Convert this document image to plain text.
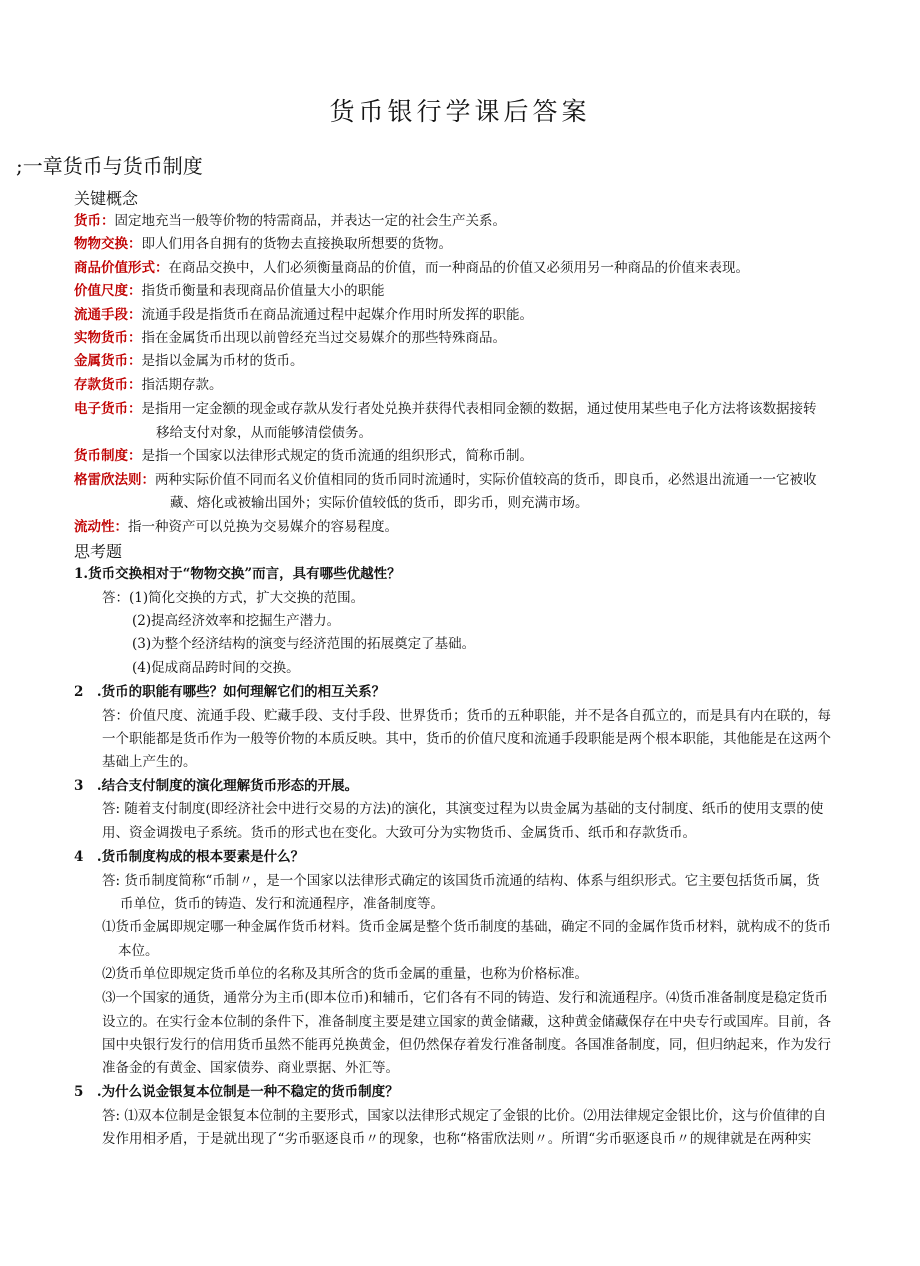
货币银行学课后答案
;一章货币与货币制度
关键概念
货币：固定地充当一般等价物的特需商品，并表达一定的社会生产关系。
物物交换：即人们用各自拥有的货物去直接换取所想要的货物。
商品价值形式：在商品交换中，人们必须衡量商品的价值，而一种商品的价值又必须用另一种商品的价值来表现。
价值尺度：指货币衡量和表现商品价值量大小的职能
流通手段：流通手段是指货币在商品流通过程中起媒介作用时所发挥的职能。
实物货币：指在金属货币出现以前曾经充当过交易媒介的那些特殊商品。
金属货币：是指以金属为币材的货币。
存款货币：指活期存款。
电子货币：是指用一定金额的现金或存款从发行者处兑换并获得代表相同金额的数据，通过使用某些电子化方法将该数据接转
移给支付对象，从而能够清偿债务。
货币制度：是指一个国家以法律形式规定的货币流通的组织形式，简称币制。
格雷欣法则：两种实际价值不同而名义价值相同的货币同时流通时，实际价值较高的货币，即良币，必然退出流通一一它被收
藏、熔化或被输出国外；实际价值较低的货币，即劣币，则充满市场。
流动性：指一种资产可以兑换为交易媒介的容易程度。
思考题
1.货币交换相对于“物物交换”而言，具有哪些优越性？
答：(1)简化交换的方式，扩大交换的范围。
(2)提高经济效率和挖掘生产潜力。
(3)为整个经济结构的演变与经济范围的拓展奠定了基础。
(4)促成商品跨时间的交换。
2　.货币的职能有哪些？如何理解它们的相互关系？
答：价值尺度、流通手段、贮藏手段、支付手段、世界货币；货币的五种职能，并不是各自孤立的，而是具有内在联的，每
一个职能都是货币作为一般等价物的本质反映。其中，货币的价值尺度和流通手段职能是两个根本职能，其他能是在这两个
基础上产生的。
3　.结合支付制度的演化理解货币形态的开展。
答: 随着支付制度(即经济社会中进行交易的方法)的演化，其演变过程为以贵金属为基础的支付制度、纸币的使用支票的使
用、资金调拨电子系统。货币的形式也在变化。大致可分为实物货币、金属货币、纸币和存款货币。
4　.货币制度构成的根本要素是什么？
答: 货币制度简称“币制〃，是一个国家以法律形式确定的该国货币流通的结构、体系与组织形式。它主要包括货币属，货
币单位，货币的铸造、发行和流通程序，准备制度等。
⑴货币金属即规定哪一种金属作货币材料。货币金属是整个货币制度的基础，确定不同的金属作货币材料，就构成不的货币
本位。
⑵货币单位即规定货币单位的名称及其所含的货币金属的重量，也称为价格标准。
⑶一个国家的通货，通常分为主币(即本位币)和辅币，它们各有不同的铸造、发行和流通程序。⑷货币准备制度是稳定货币
设立的。在实行金本位制的条件下，准备制度主要是建立国家的黄金储藏，这种黄金储藏保存在中央专行或国库。目前，各
国中央银行发行的信用货币虽然不能再兑换黄金，但仍然保存着发行准备制度。各国准备制度，同，但归纳起来，作为发行
准备金的有黄金、国家债券、商业票据、外汇等。
5　.为什么说金银复本位制是一种不稳定的货币制度？
答: ⑴双本位制是金银复本位制的主要形式，国家以法律形式规定了金银的比价。⑵用法律规定金银比价，这与价值律的自
发作用相矛盾，于是就出现了“劣币驱逐良币〃的现象，也称“格雷欣法则〃。所谓“劣币驱逐良币〃的规律就是在两种实
